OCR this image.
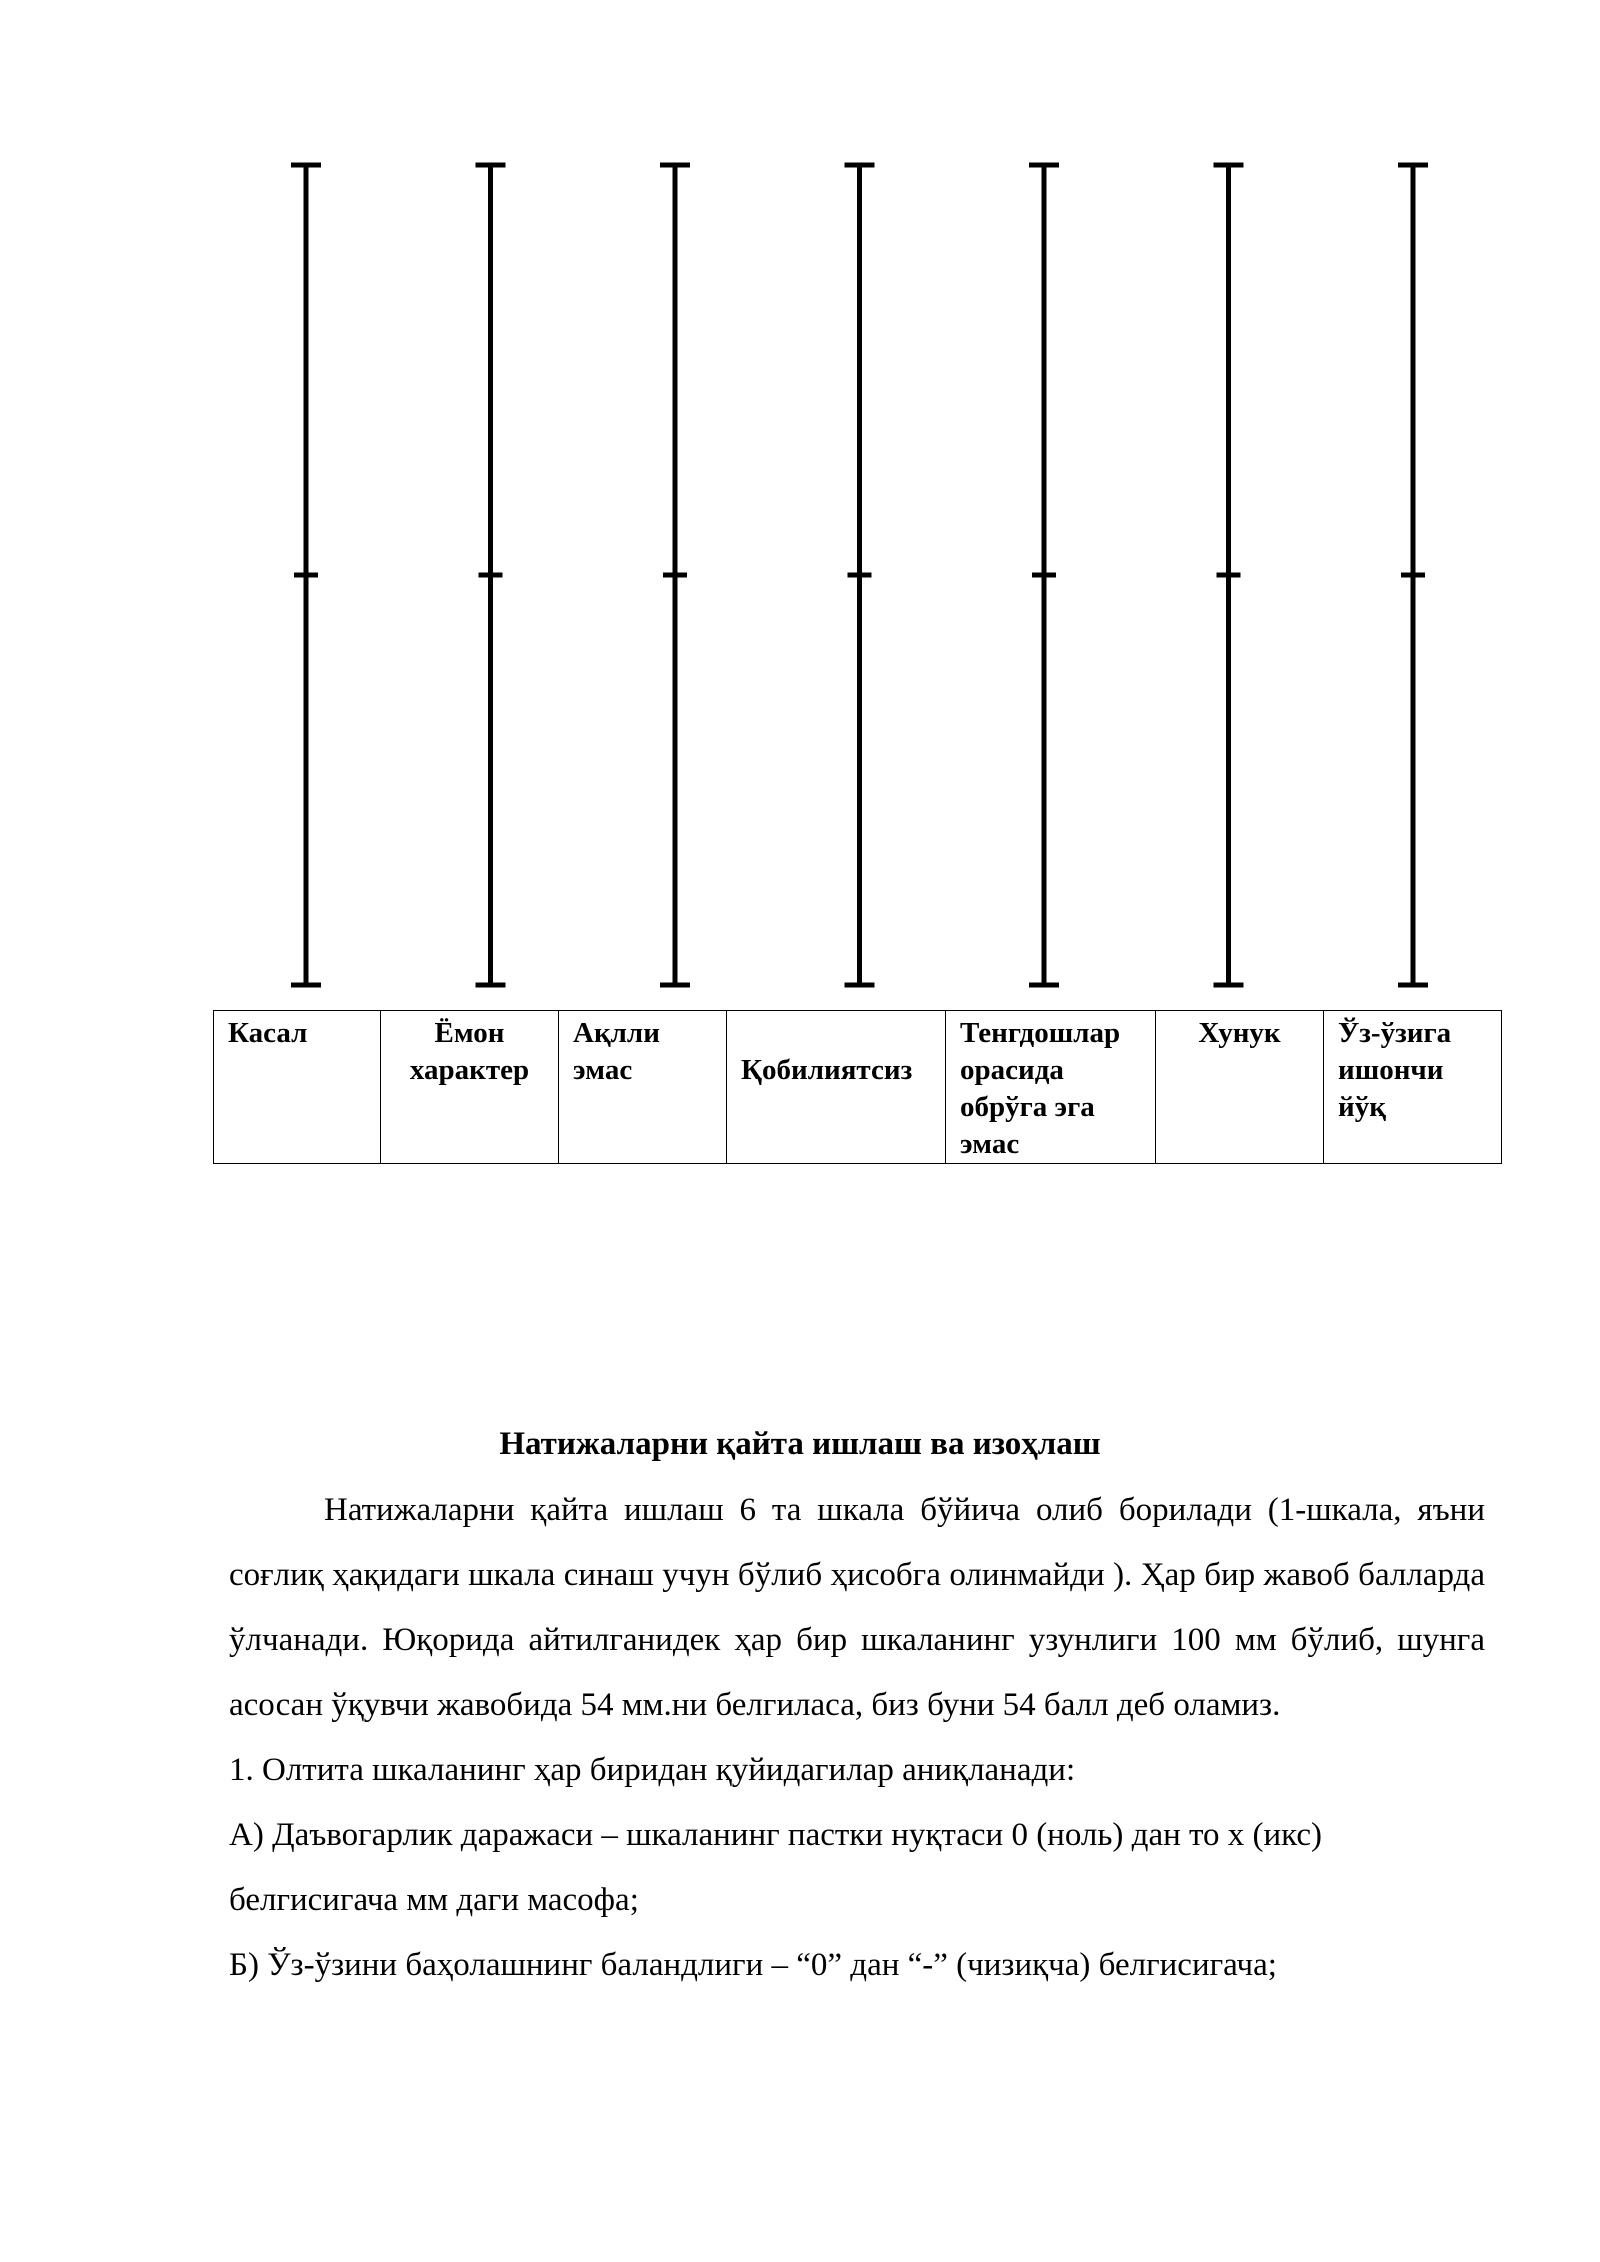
Касал	Ёмон характер	Ақлли эмас	Қобилиятсиз	Тенгдошлар орасида обрўга эга эмас	Хунук	Ўз-ўзига ишончи йўқ
Натижаларни қайта ишлаш ва изоҳлаш

Натижаларни қайта ишлаш 6 та шкала бўйича олиб борилади (1-шкала, яъни соғлиқ ҳақидаги шкала синаш учун бўлиб ҳисобга олинмайди ). Ҳар бир жавоб балларда ўлчанади. Юқорида айтилганидек ҳар бир шкаланинг узунлиги 100 мм бўлиб, шунга асосан ўқувчи жавобида 54 мм.ни белгиласа, биз буни 54 балл деб оламиз.

1. Олтита шкаланинг ҳар биридан қуйидагилар аниқланади:

А) Даъвогарлик даражаси – шкаланинг пастки нуқтаси 0 (ноль) дан то x (икс) белгисигача мм даги масофа;

Б) Ўз-ўзини баҳолашнинг баландлиги – “0” дан “-” (чизиқча) белгисигача;
